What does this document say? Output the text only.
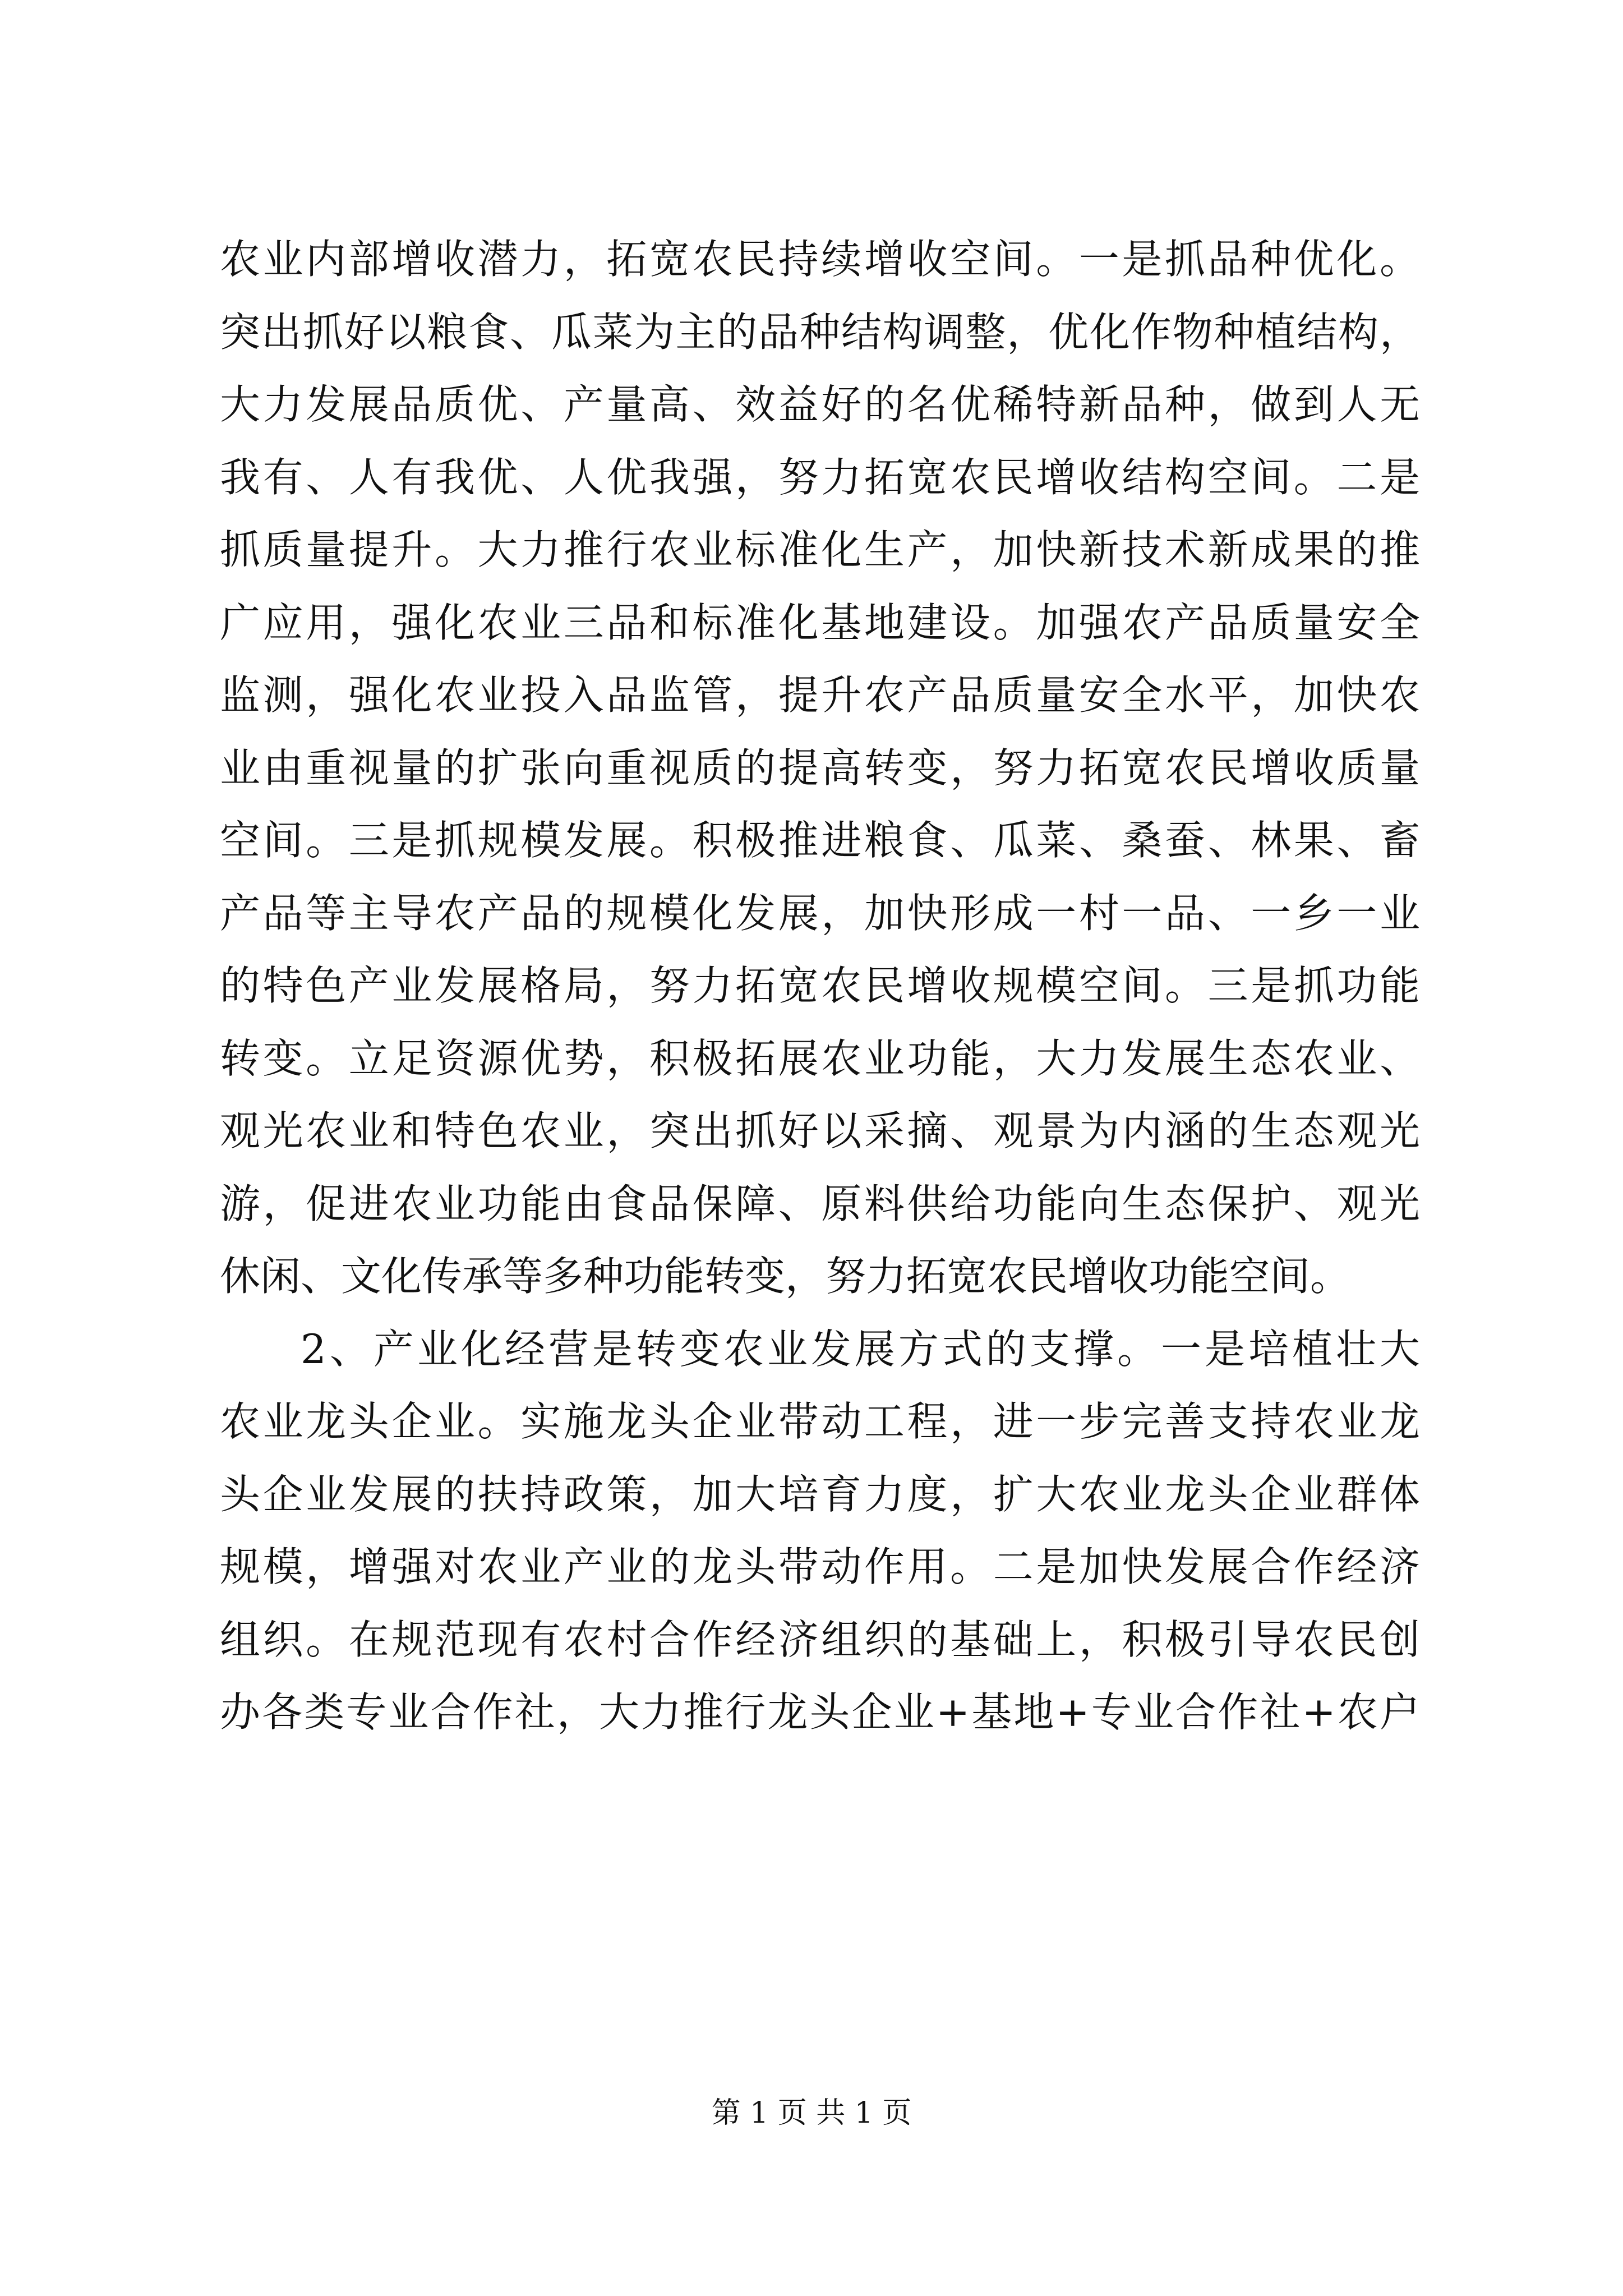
农业内部增收潜力，拓宽农民持续增收空间。一是抓品种优化。
突出抓好以粮食、瓜菜为主的品种结构调整，优化作物种植结构，
大力发展品质优、产量高、效益好的名优稀特新品种，做到人无
我有、人有我优、人优我强，努力拓宽农民增收结构空间。二是
抓质量提升。大力推行农业标准化生产，加快新技术新成果的推
广应用，强化农业三品和标准化基地建设。加强农产品质量安全
监测，强化农业投入品监管，提升农产品质量安全水平，加快农
业由重视量的扩张向重视质的提高转变，努力拓宽农民增收质量
空间。三是抓规模发展。积极推进粮食、瓜菜、桑蚕、林果、畜
产品等主导农产品的规模化发展，加快形成一村一品、一乡一业
的特色产业发展格局，努力拓宽农民增收规模空间。三是抓功能
转变。立足资源优势，积极拓展农业功能，大力发展生态农业、
观光农业和特色农业，突出抓好以采摘、观景为内涵的生态观光
游，促进农业功能由食品保障、原料供给功能向生态保护、观光
休闲、文化传承等多种功能转变，努力拓宽农民增收功能空间。
2、产业化经营是转变农业发展方式的支撑。一是培植壮大
农业龙头企业。实施龙头企业带动工程，进一步完善支持农业龙
头企业发展的扶持政策，加大培育力度，扩大农业龙头企业群体
规模，增强对农业产业的龙头带动作用。二是加快发展合作经济
组织。在规范现有农村合作经济组织的基础上，积极引导农民创
办各类专业合作社，大力推行龙头企业+基地+专业合作社+农户
第 1 页 共 1 页
